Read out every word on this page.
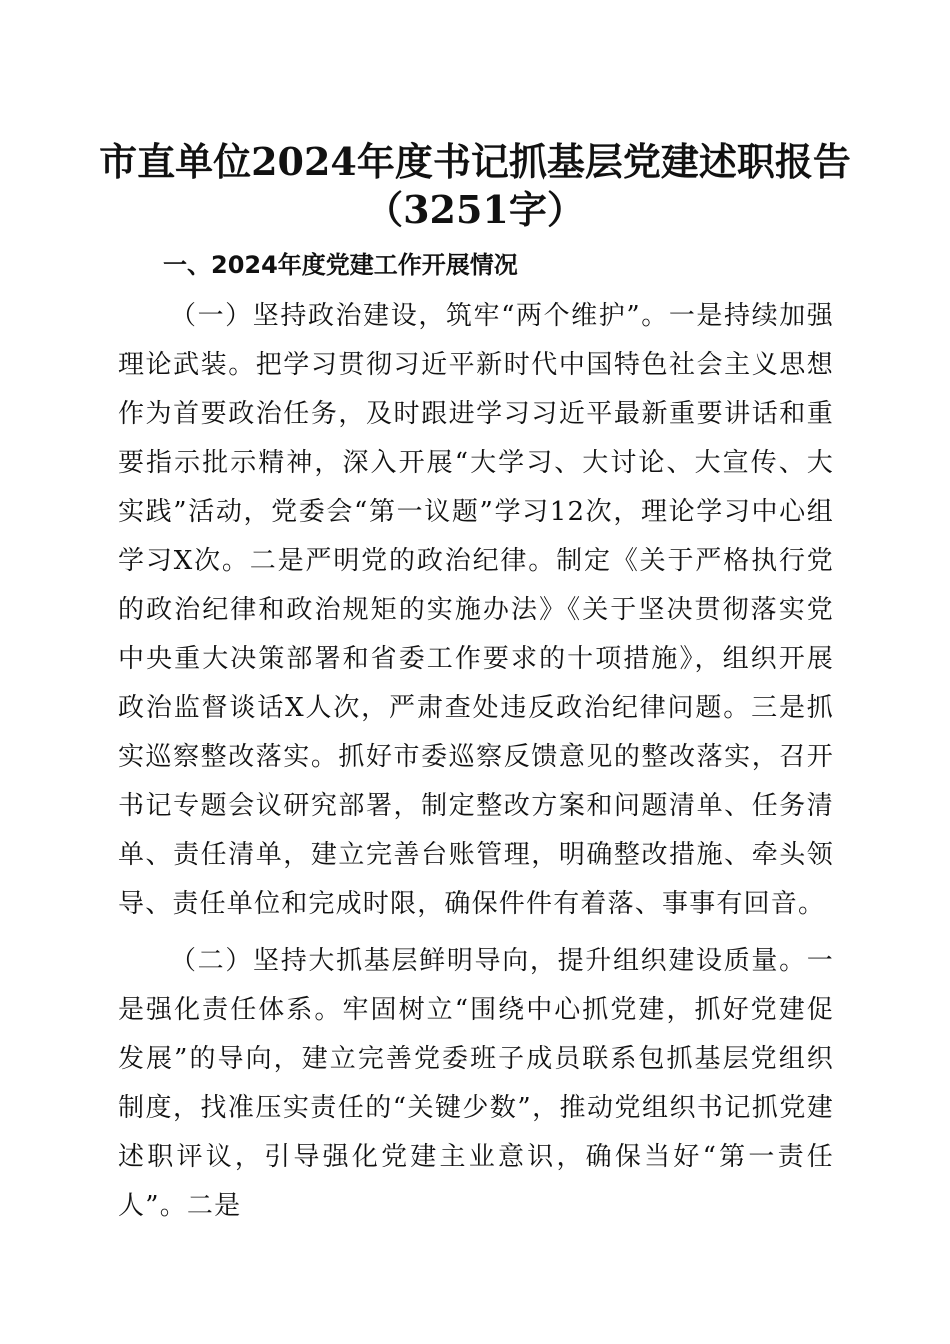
市直单位2024年度书记抓基层党建述职报告
（3251字）
一、2024年度党建工作开展情况

（一）坚持政治建设，筑牢“两个维护”。一是持续加强理论武装。把学习贯彻习近平新时代中国特色社会主义思想作为首要政治任务，及时跟进学习习近平最新重要讲话和重要指示批示精神，深入开展“大学习、大讨论、大宣传、大实践”活动，党委会“第一议题”学习12次，理论学习中心组学习X次。二是严明党的政治纪律。制定《关于严格执行党的政治纪律和政治规矩的实施办法》《关于坚决贯彻落实党中央重大决策部署和省委工作要求的十项措施》，组织开展政治监督谈话X人次，严肃查处违反政治纪律问题。三是抓实巡察整改落实。抓好市委巡察反馈意见的整改落实，召开书记专题会议研究部署，制定整改方案和问题清单、任务清单、责任清单，建立完善台账管理，明确整改措施、牵头领导、责任单位和完成时限，确保件件有着落、事事有回音。

（二）坚持大抓基层鲜明导向，提升组织建设质量。一是强化责任体系。牢固树立“围绕中心抓党建，抓好党建促发展”的导向，建立完善党委班子成员联系包抓基层党组织制度，找准压实责任的“关键少数”，推动党组织书记抓党建述职评议，引导强化党建主业意识，确保当好“第一责任人”。二是
